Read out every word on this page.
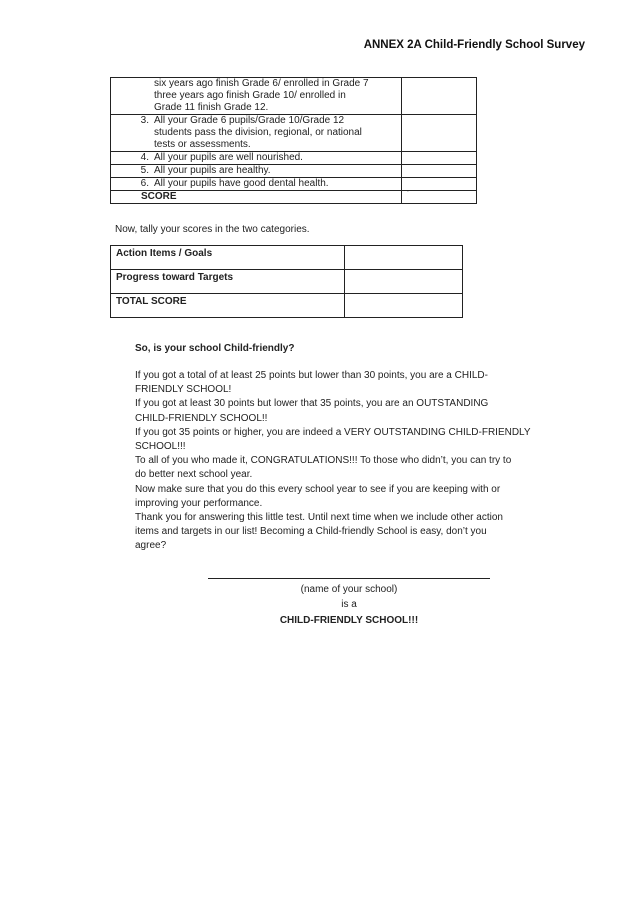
ANNEX 2A Child-Friendly School Survey
six years ago finish Grade 6/ enrolled in Grade 7
three years ago finish Grade 10/ enrolled in
Grade 11 finish Grade 12.	

3. All your Grade 6 pupils/Grade 10/Grade 12
students pass the division, regional, or national
tests or assessments.	

4. All your pupils are well nourished.	

5. All your pupils are healthy.	

6. All your pupils have good dental health.	

SCORE	`
Now, tally your scores in the two categories.
Action Items / Goals	
Progress toward Targets	
TOTAL SCORE	
So, is your school Child-friendly?
If you got a total of at least 25 points but lower than 30 points, you are a CHILD-
FRIENDLY SCHOOL!
If you got at least 30 points but lower that 35 points, you are an OUTSTANDING
CHILD-FRIENDLY SCHOOL!!
If you got 35 points or higher, you are indeed a VERY OUTSTANDING CHILD-FRIENDLY
SCHOOL!!!
To all of you who made it, CONGRATULATIONS!!! To those who didn’t, you can try to
do better next school year.
Now make sure that you do this every school year to see if you are keeping with or
improving your performance.
Thank you for answering this little test. Until next time when we include other action
items and targets in our list! Becoming a Child-friendly School is easy, don’t you
agree?
(name of your school)
is a
CHILD-FRIENDLY SCHOOL!!!
